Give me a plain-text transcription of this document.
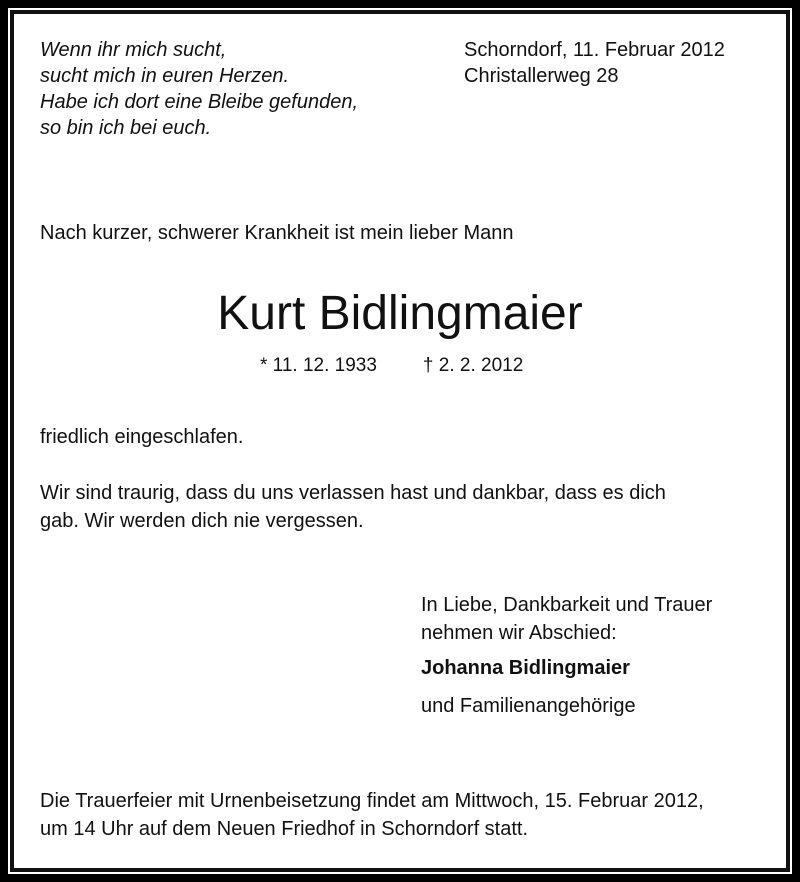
Wenn ihr mich sucht,
sucht mich in euren Herzen.
Habe ich dort eine Bleibe gefunden,
so bin ich bei euch.
Schorndorf, 11. Februar 2012
Christallerweg 28
Nach kurzer, schwerer Krankheit ist mein lieber Mann
Kurt Bidlingmaier
* 11. 12. 1933 † 2. 2. 2012
friedlich eingeschlafen.
Wir sind traurig, dass du uns verlassen hast und dankbar, dass es dich
gab. Wir werden dich nie vergessen.
In Liebe, Dankbarkeit und Trauer
nehmen wir Abschied:
Johanna Bidlingmaier
und Familienangehörige
Die Trauerfeier mit Urnenbeisetzung findet am Mittwoch, 15. Februar 2012,
um 14 Uhr auf dem Neuen Friedhof in Schorndorf statt.
